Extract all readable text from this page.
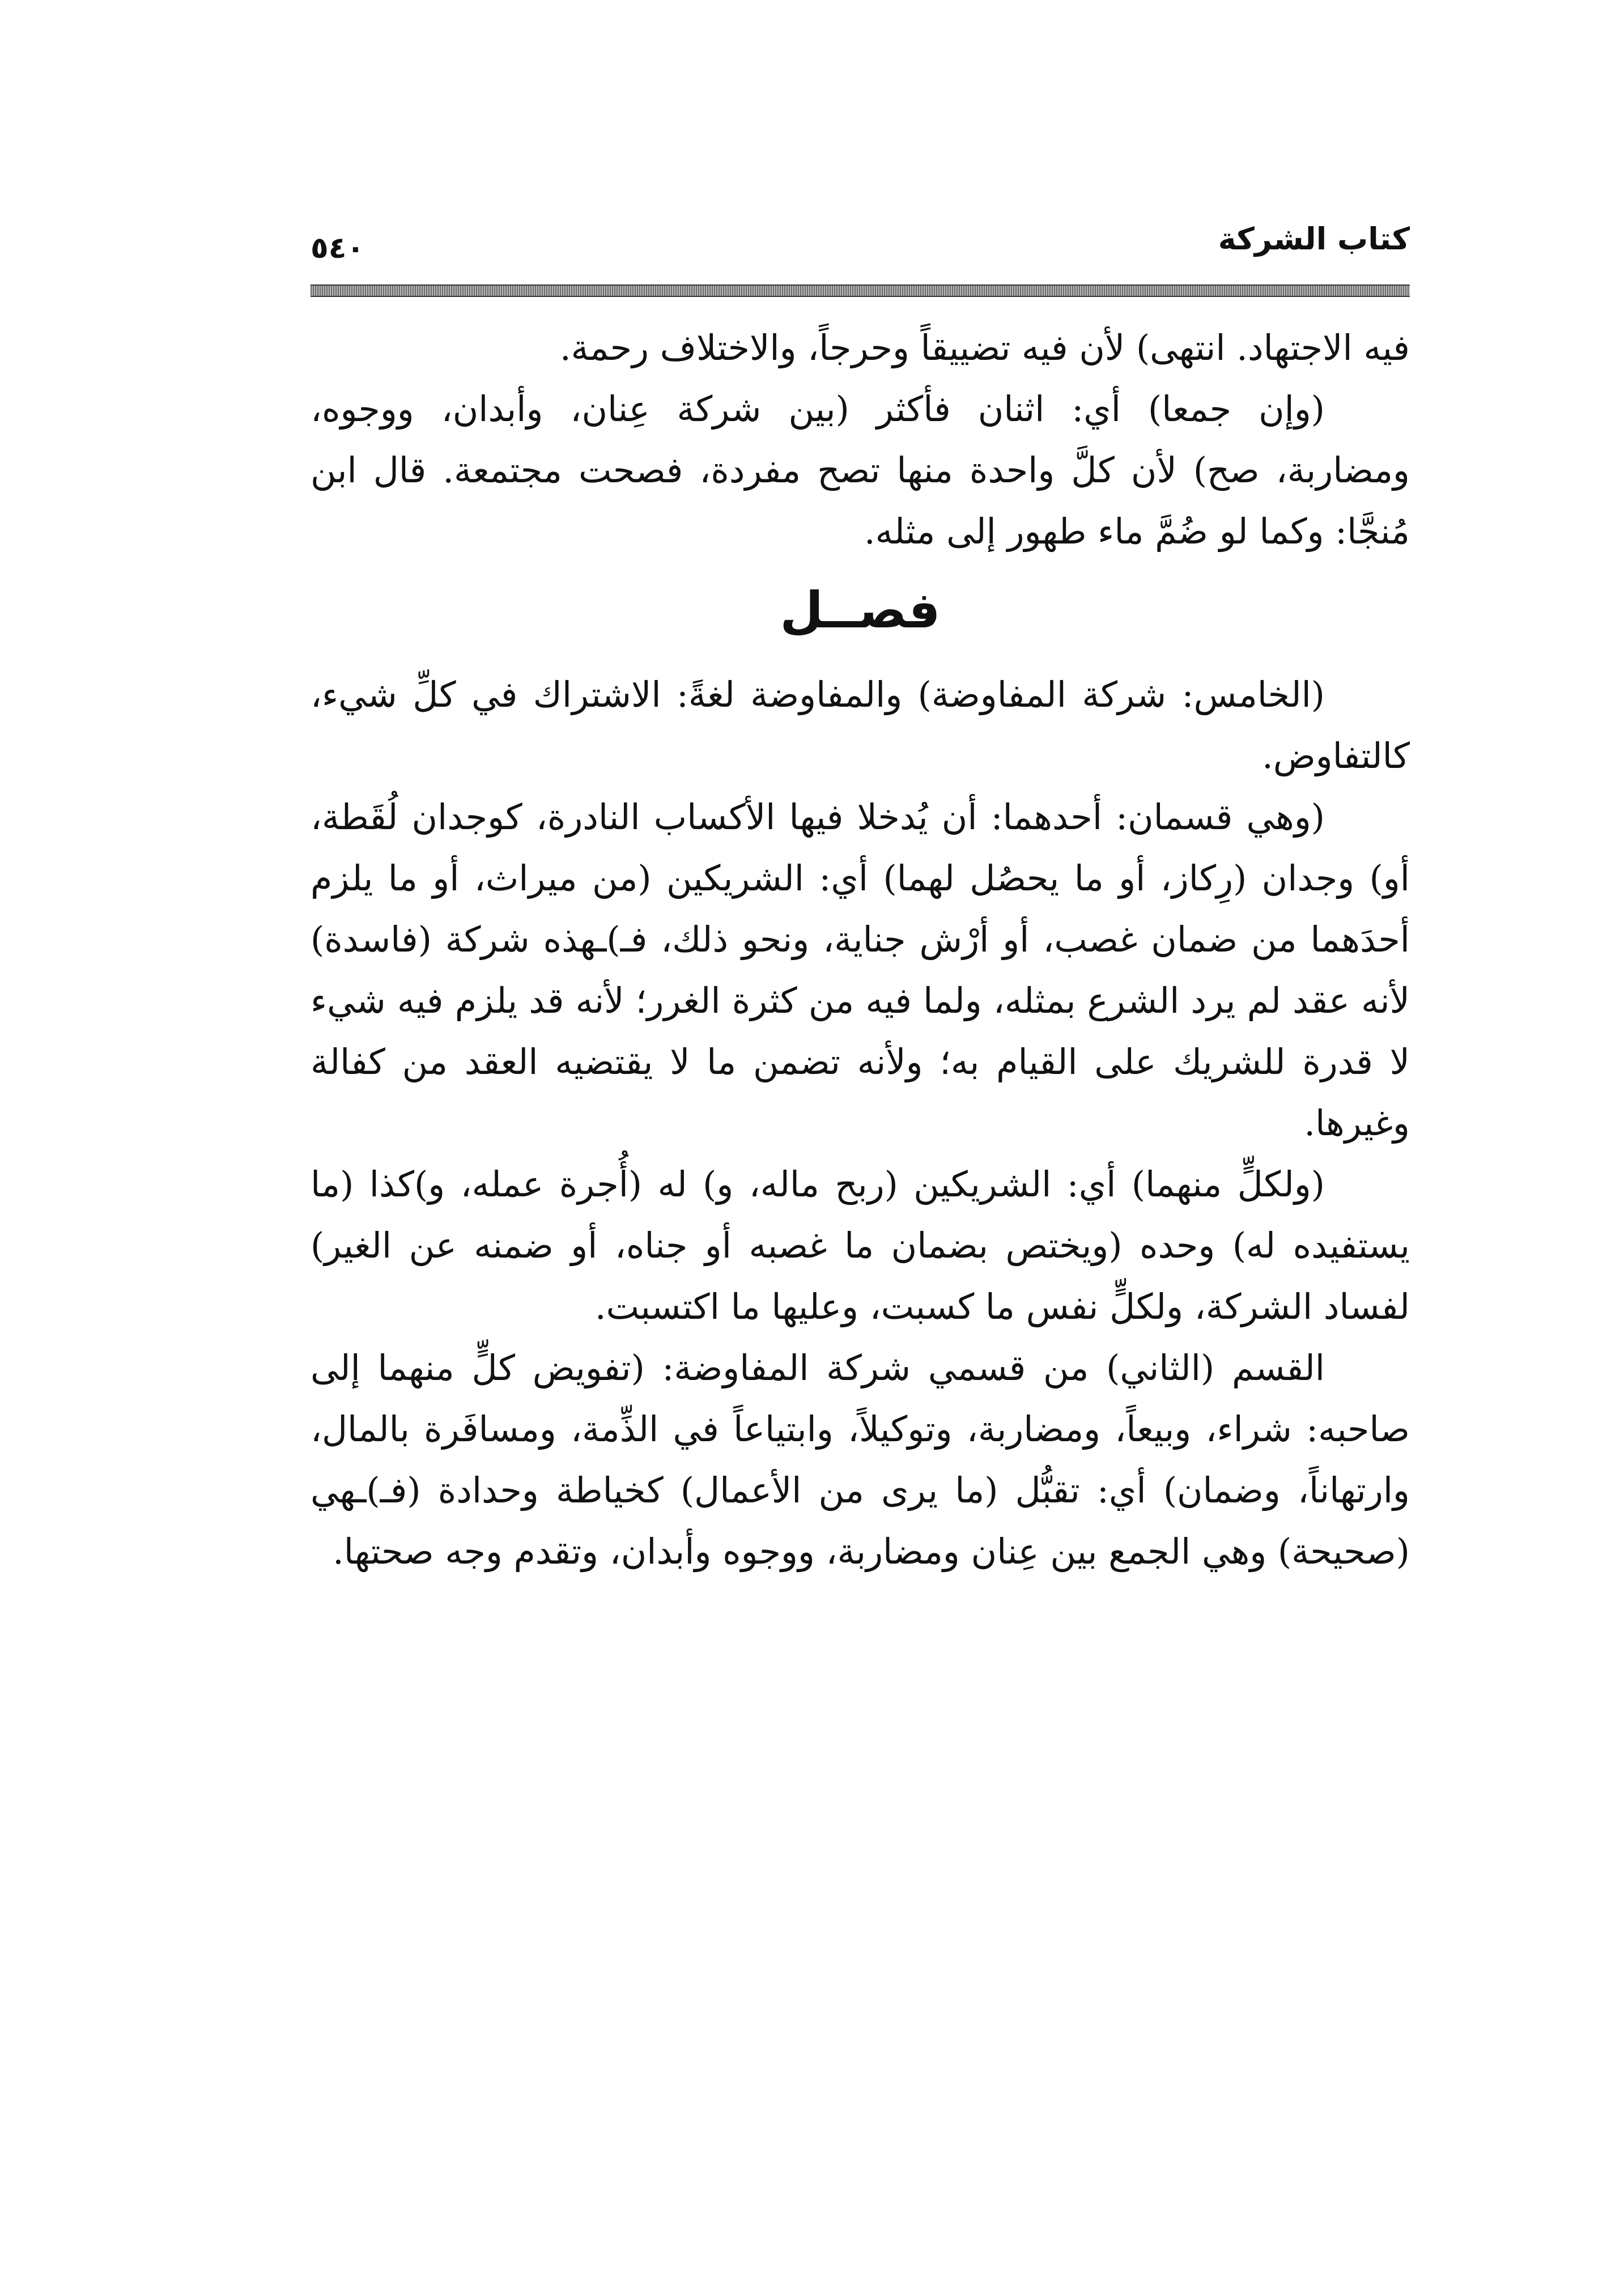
كتاب الشركة
٥٤٠

فيه الاجتهاد. انتهى) لأن فيه تضييقاً وحرجاً، والاختلاف رحمة.

(وإن جمعا) أي: اثنان فأكثر (بين شركة عِنان، وأبدان، ووجوه، ومضاربة، صح) لأن كلَّ واحدة منها تصح مفردة، فصحت مجتمعة. قال ابن مُنجَّا: وكما لو ضُمَّ ماء طهور إلى مثله.

فصــل

(الخامس: شركة المفاوضة) والمفاوضة لغةً: الاشتراك في كلِّ شيء، كالتفاوض.

(وهي قسمان: أحدهما: أن يُدخلا فيها الأكساب النادرة، كوجدان لُقَطة، أو) وجدان (رِكاز، أو ما يحصُل لهما) أي: الشريكين (من ميراث، أو ما يلزم أحدَهما من ضمان غصب، أو أرْش جناية، ونحو ذلك، فـ)ـهذه شركة (فاسدة) لأنه عقد لم يرد الشرع بمثله، ولما فيه من كثرة الغرر؛ لأنه قد يلزم فيه شيء لا قدرة للشريك على القيام به؛ ولأنه تضمن ما لا يقتضيه العقد من كفالة وغيرها.

(ولكلٍّ منهما) أي: الشريكين (ربح ماله، و) له (أُجرة عمله، و)كذا (ما يستفيده له) وحده (ويختص بضمان ما غصبه أو جناه، أو ضمنه عن الغير) لفساد الشركة، ولكلٍّ نفس ما كسبت، وعليها ما اكتسبت.

القسم (الثاني) من قسمي شركة المفاوضة: (تفويض كلٍّ منهما إلى صاحبه: شراء، وبيعاً، ومضاربة، وتوكيلاً، وابتياعاً في الذِّمة، ومسافَرة بالمال، وارتهاناً، وضمان) أي: تقبُّل (ما يرى من الأعمال) كخياطة وحدادة (فـ)ـهي (صحيحة) وهي الجمع بين عِنان ومضاربة، ووجوه وأبدان، وتقدم وجه صحتها.
